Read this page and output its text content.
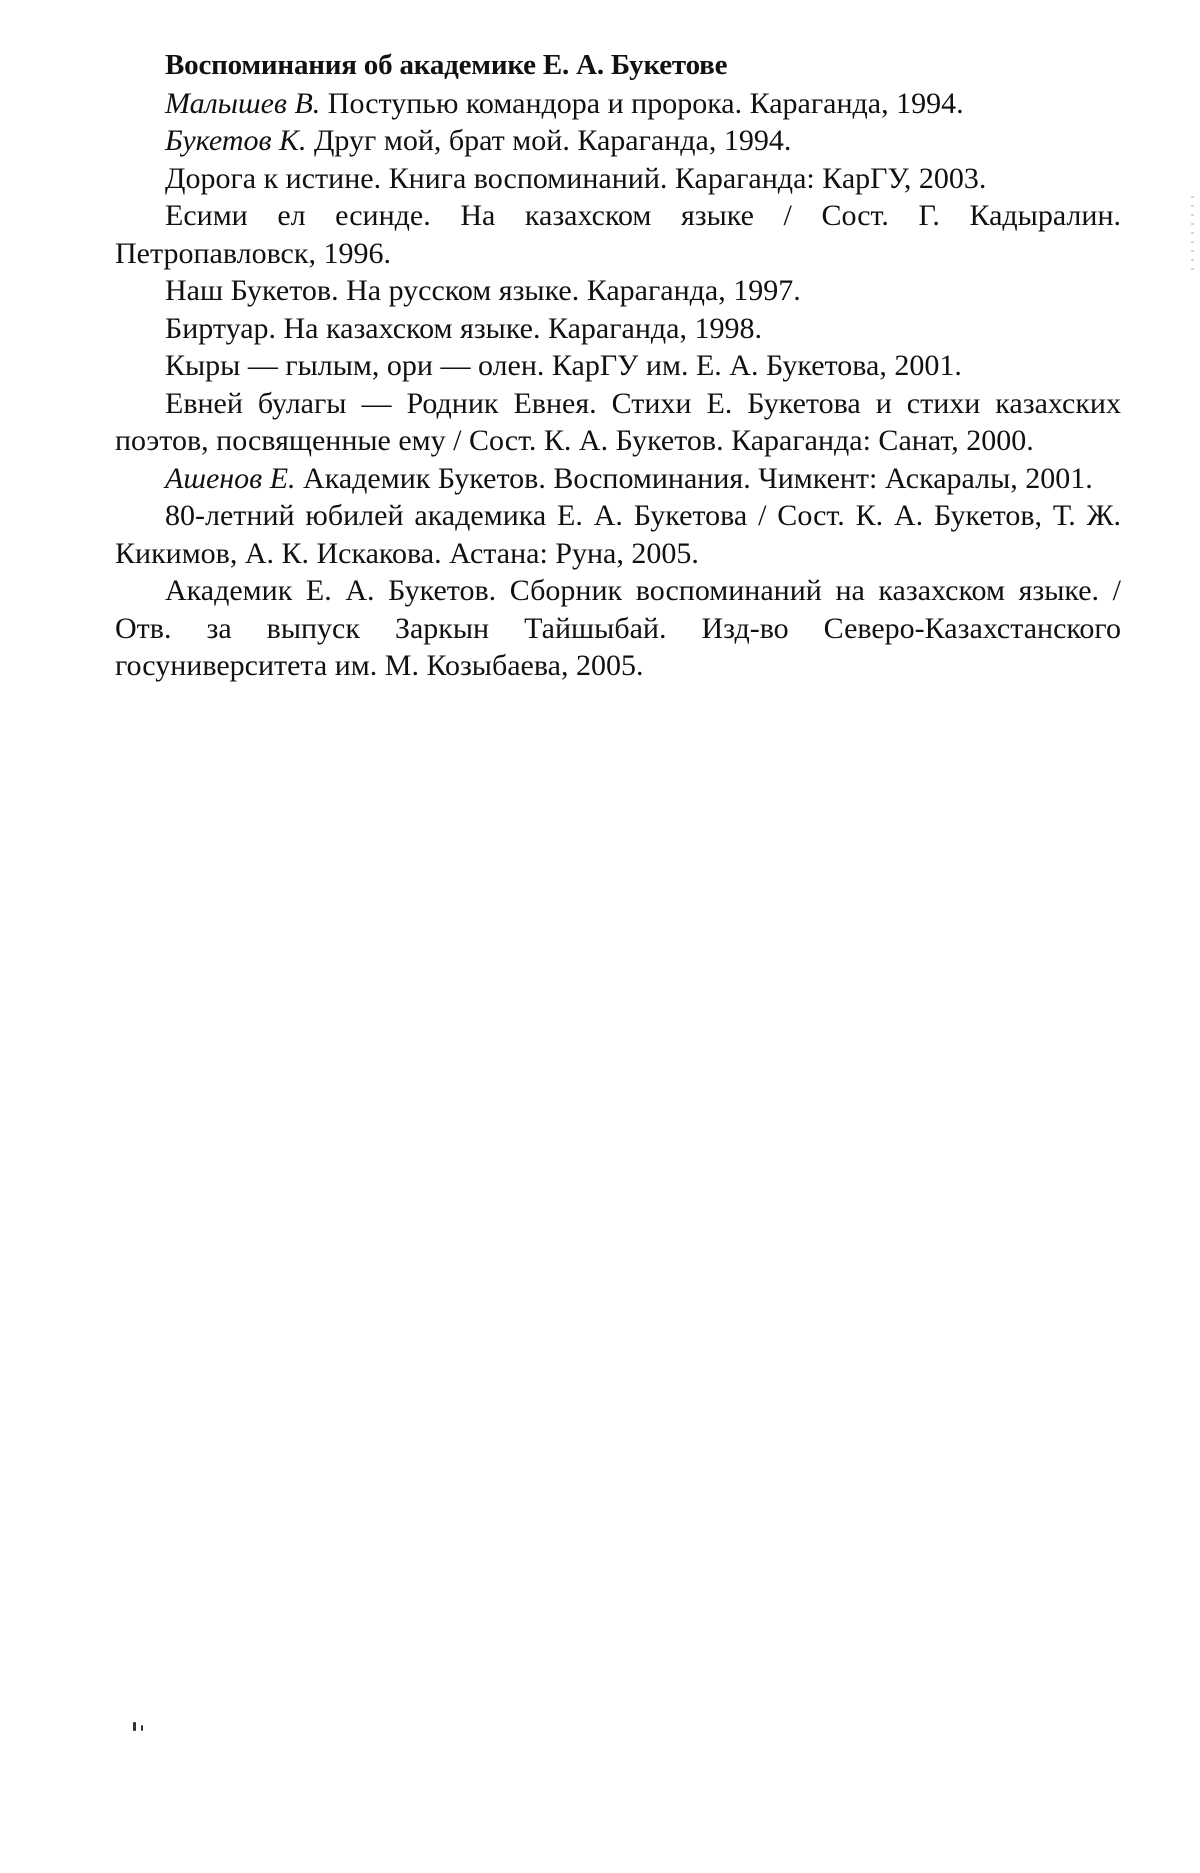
Воспоминания об академике Е. А. Букетове

Малышев В. Поступью командора и пророка. Караганда, 1994.

Букетов К. Друг мой, брат мой. Караганда, 1994.

Дорога к истине. Книга воспоминаний. Караганда: КарГУ, 2003.

Есими ел есинде. На казахском языке / Сост. Г. Кадыралин. Петропавловск, 1996.

Наш Букетов. На русском языке. Караганда, 1997.

Биртуар. На казахском языке. Караганда, 1998.

Кыры — гылым, ори — олен. КарГУ им. Е. А. Букетова, 2001.

Евней булагы — Родник Евнея. Стихи Е. Букетова и стихи казахских поэтов, посвященные ему / Сост. К. А. Букетов. Караганда: Санат, 2000.

Ашенов Е. Академик Букетов. Воспоминания. Чимкент: Аскаралы, 2001.

80-летний юбилей академика Е. А. Букетова / Сост. К. А. Букетов, Т. Ж. Кикимов, А. К. Искакова. Астана: Руна, 2005.

Академик Е. А. Букетов. Сборник воспоминаний на казахском языке. / Отв. за выпуск Заркын Тайшыбай. Изд-во Северо-Казахстанского госуниверситета им. М. Козыбаева, 2005.
